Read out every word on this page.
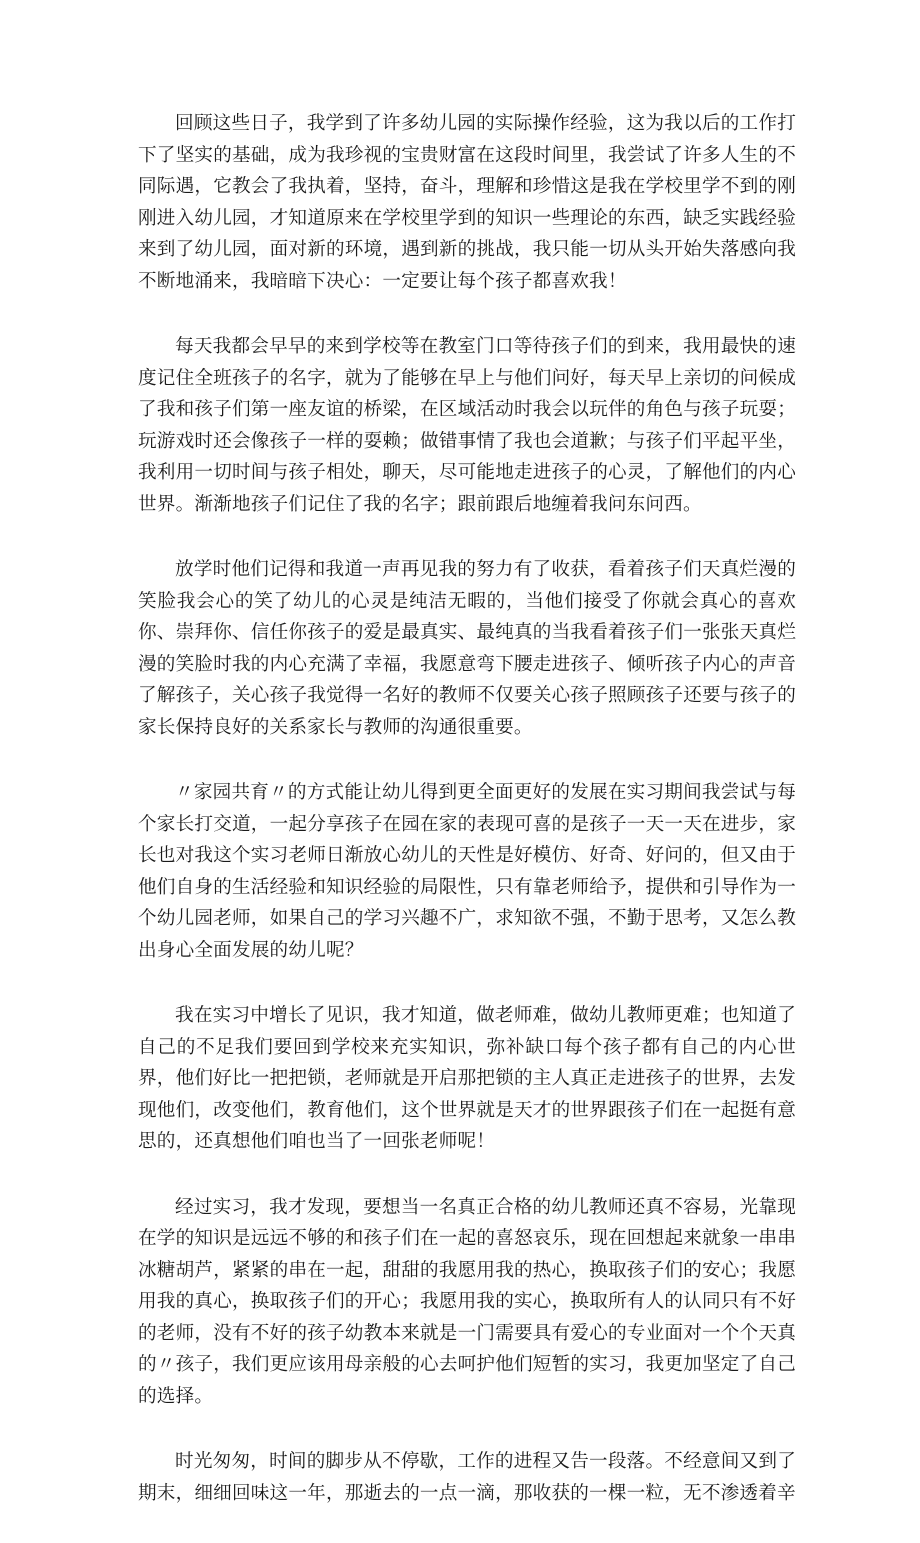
回顾这些日子，我学到了许多幼儿园的实际操作经验，这为我以后的工作打下了坚实的基础，成为我珍视的宝贵财富在这段时间里，我尝试了许多人生的不同际遇，它教会了我执着，坚持，奋斗，理解和珍惜这是我在学校里学不到的刚刚进入幼儿园，才知道原来在学校里学到的知识一些理论的东西，缺乏实践经验来到了幼儿园，面对新的环境，遇到新的挑战，我只能一切从头开始失落感向我不断地涌来，我暗暗下决心：一定要让每个孩子都喜欢我！

每天我都会早早的来到学校等在教室门口等待孩子们的到来，我用最快的速度记住全班孩子的名字，就为了能够在早上与他们问好，每天早上亲切的问候成了我和孩子们第一座友谊的桥梁，在区域活动时我会以玩伴的角色与孩子玩耍；玩游戏时还会像孩子一样的耍赖；做错事情了我也会道歉；与孩子们平起平坐，我利用一切时间与孩子相处，聊天，尽可能地走进孩子的心灵，了解他们的内心世界。渐渐地孩子们记住了我的名字；跟前跟后地缠着我问东问西。

放学时他们记得和我道一声再见我的努力有了收获，看着孩子们天真烂漫的笑脸我会心的笑了幼儿的心灵是纯洁无暇的，当他们接受了你就会真心的喜欢你、崇拜你、信任你孩子的爱是最真实、最纯真的当我看着孩子们一张张天真烂漫的笑脸时我的内心充满了幸福，我愿意弯下腰走进孩子、倾听孩子内心的声音了解孩子，关心孩子我觉得一名好的教师不仅要关心孩子照顾孩子还要与孩子的家长保持良好的关系家长与教师的沟通很重要。

〃家园共育〃的方式能让幼儿得到更全面更好的发展在实习期间我尝试与每个家长打交道，一起分享孩子在园在家的表现可喜的是孩子一天一天在进步，家长也对我这个实习老师日渐放心幼儿的天性是好模仿、好奇、好问的，但又由于他们自身的生活经验和知识经验的局限性，只有靠老师给予，提供和引导作为一个幼儿园老师，如果自己的学习兴趣不广，求知欲不强，不勤于思考，又怎么教出身心全面发展的幼儿呢？

我在实习中增长了见识，我才知道，做老师难，做幼儿教师更难；也知道了自己的不足我们要回到学校来充实知识，弥补缺口每个孩子都有自己的内心世界，他们好比一把把锁，老师就是开启那把锁的主人真正走进孩子的世界，去发现他们，改变他们，教育他们，这个世界就是天才的世界跟孩子们在一起挺有意思的，还真想他们咱也当了一回张老师呢！

经过实习，我才发现，要想当一名真正合格的幼儿教师还真不容易，光靠现在学的知识是远远不够的和孩子们在一起的喜怒哀乐，现在回想起来就象一串串冰糖胡芦，紧紧的串在一起，甜甜的我愿用我的热心，换取孩子们的安心；我愿用我的真心，换取孩子们的开心；我愿用我的实心，换取所有人的认同只有不好的老师，没有不好的孩子幼教本来就是一门需要具有爱心的专业面对一个个天真的〃孩子，我们更应该用母亲般的心去呵护他们短暂的实习，我更加坚定了自己的选择。

时光匆匆，时间的脚步从不停歇，工作的进程又告一段落。不经意间又到了期末，细细回味这一年，那逝去的一点一滴，那收获的一棵一粒，无不渗透着辛
